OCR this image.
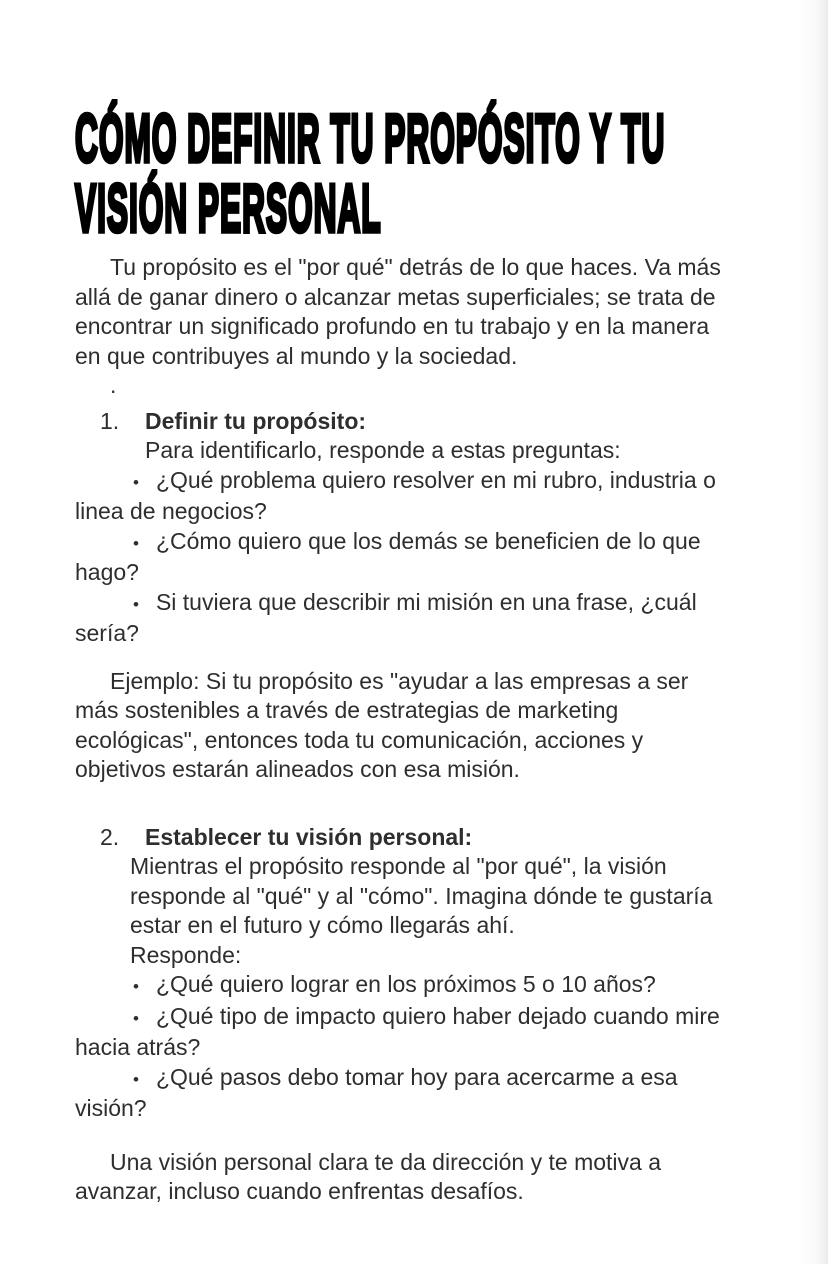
CÓMO DEFINIR TU PROPÓSITO Y TU
VISIÓN PERSONAL
Tu propósito es el "por qué" detrás de lo que haces. Va más allá de ganar dinero o alcanzar metas superficiales; se trata de encontrar un significado profundo en tu trabajo y en la manera en que contribuyes al mundo y la sociedad.
.
1.	Definir tu propósito:
Para identificarlo, responde a estas preguntas:
• ¿Qué problema quiero resolver en mi rubro, industria o linea de negocios?
• ¿Cómo quiero que los demás se beneficien de lo que hago?
• Si tuviera que describir mi misión en una frase, ¿cuál sería?
Ejemplo: Si tu propósito es "ayudar a las empresas a ser más sostenibles a través de estrategias de marketing ecológicas", entonces toda tu comunicación, acciones y objetivos estarán alineados con esa misión.
2.	Establecer tu visión personal:
Mientras el propósito responde al "por qué", la visión responde al "qué" y al "cómo". Imagina dónde te gustaría estar en el futuro y cómo llegarás ahí.
Responde:
• ¿Qué quiero lograr en los próximos 5 o 10 años?
• ¿Qué tipo de impacto quiero haber dejado cuando mire hacia atrás?
• ¿Qué pasos debo tomar hoy para acercarme a esa visión?
Una visión personal clara te da dirección y te motiva a avanzar, incluso cuando enfrentas desafíos.
